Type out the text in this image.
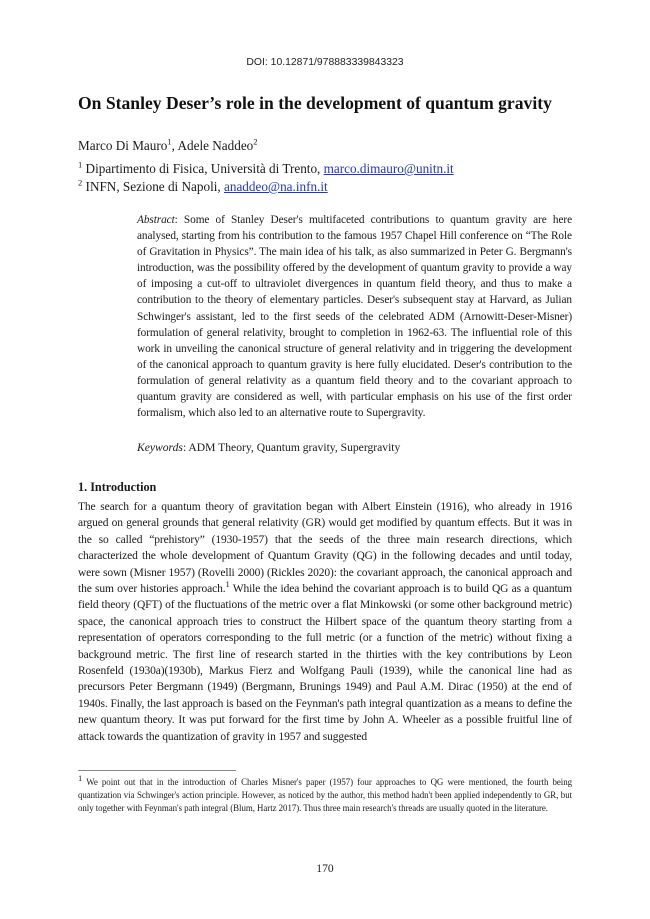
DOI: 10.12871/978883339843323
On Stanley Deser’s role in the development of quantum gravity
Marco Di Mauro$^1$, Adele Naddeo$^2$
$^1$ Dipartimento di Fisica, Università di Trento, marco.dimauro@unitn.it
$^2$ INFN, Sezione di Napoli, anaddeo@na.infn.it

Abstract: Some of Stanley Deser's multifaceted contributions to quantum gravity are here analysed, starting from his contribution to the famous 1957 Chapel Hill conference on “The Role of Gravitation in Physics”. The main idea of his talk, as also summarized in Peter G. Bergmann's introduction, was the possibility offered by the development of quantum gravity to provide a way of imposing a cut-off to ultraviolet divergences in quantum field theory, and thus to make a contribution to the theory of elementary particles. Deser's subsequent stay at Harvard, as Julian Schwinger's assistant, led to the first seeds of the celebrated ADM (Arnowitt-Deser-Misner) formulation of general relativity, brought to completion in 1962-63. The influential role of this work in unveiling the canonical structure of general relativity and in triggering the development of the canonical approach to quantum gravity is here fully elucidated. Deser's contribution to the formulation of general relativity as a quantum field theory and to the covariant approach to quantum gravity are considered as well, with particular emphasis on his use of the first order formalism, which also led to an alternative route to Supergravity.

Keywords: ADM Theory, Quantum gravity, Supergravity
1. Introduction

The search for a quantum theory of gravitation began with Albert Einstein (1916), who already in 1916 argued on general grounds that general relativity (GR) would get modified by quantum effects. But it was in the so called “prehistory” (1930-1957) that the seeds of the three main research directions, which characterized the whole development of Quantum Gravity (QG) in the following decades and until today, were sown (Misner 1957) (Rovelli 2000) (Rickles 2020): the covariant approach, the canonical approach and the sum over histories approach.$^1$ While the idea behind the covariant approach is to build QG as a quantum field theory (QFT) of the fluctuations of the metric over a flat Minkowski (or some other background metric) space, the canonical approach tries to construct the Hilbert space of the quantum theory starting from a representation of operators corresponding to the full metric (or a function of the metric) without fixing a background metric. The first line of research started in the thirties with the key contributions by Leon Rosenfeld (1930a)(1930b), Markus Fierz and Wolfgang Pauli (1939), while the canonical line had as precursors Peter Bergmann (1949) (Bergmann, Brunings 1949) and Paul A.M. Dirac (1950) at the end of 1940s. Finally, the last approach is based on the Feynman's path integral quantization as a means to define the new quantum theory. It was put forward for the first time by John A. Wheeler as a possible fruitful line of attack towards the quantization of gravity in 1957 and suggested

$^1$ We point out that in the introduction of Charles Misner's paper (1957) four approaches to QG were mentioned, the fourth being quantization via Schwinger's action principle. However, as noticed by the author, this method hadn't been applied independently to GR, but only together with Feynman's path integral (Blum, Hartz 2017). Thus three main research's threads are usually quoted in the literature.

170
